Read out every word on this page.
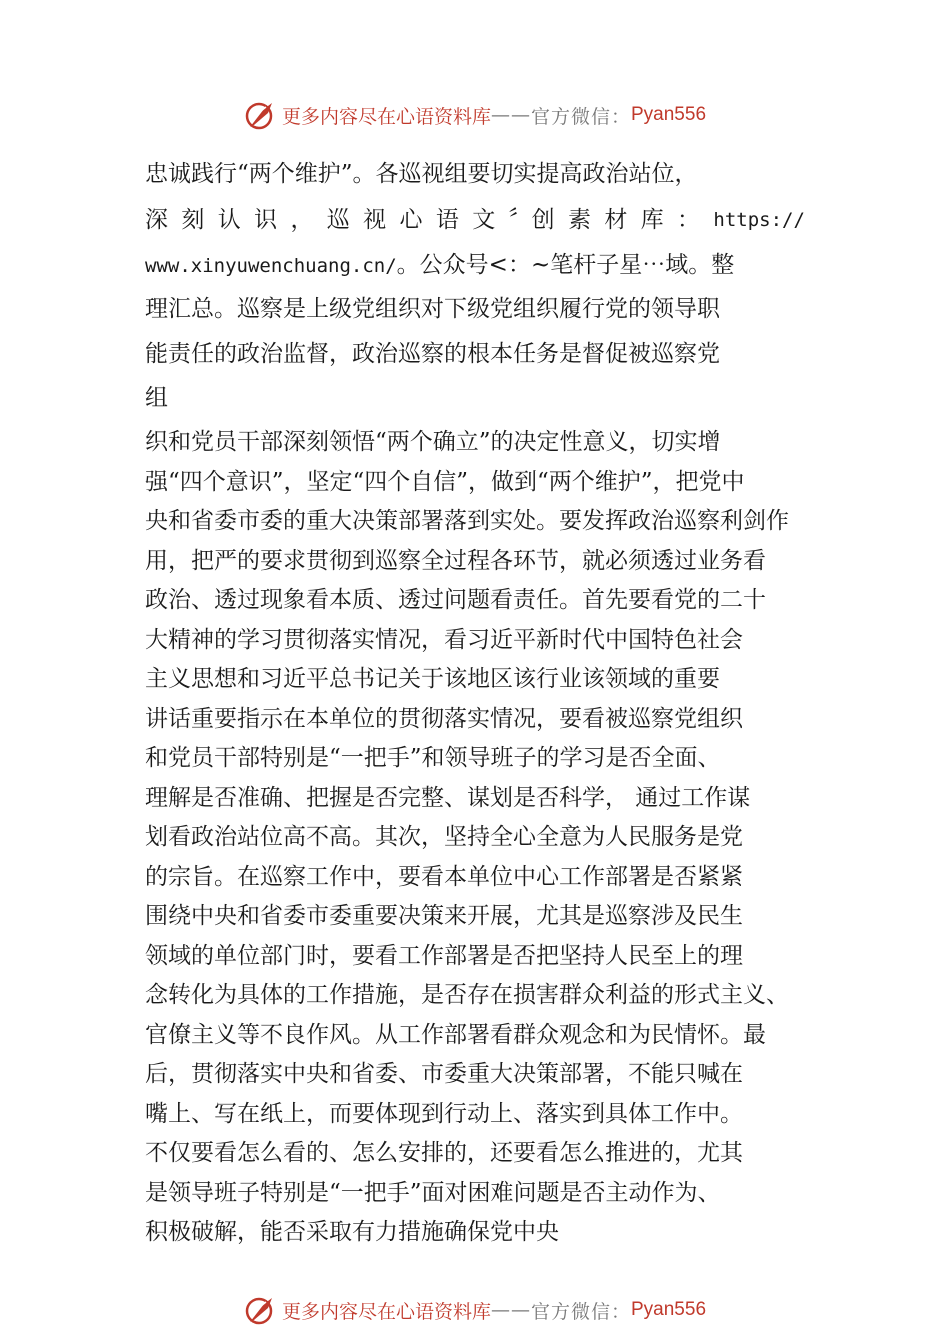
更多内容尽在心语资料库 —— 官方微信： Pyan556
忠诚践行“两个维护”。各巡视组要切实提高政治站位，
深 刻 认 识 ， 巡 视 心 语 文 〞创 素 材 库 ： https://
www.xinyuwenchuang.cn/。公众号<：~笔杆子星⋯域。整
理汇总。巡察是上级党组织对下级党组织履行党的领导职
能责任的政治监督，政治巡察的根本任务是督促被巡察党
组
织和党员干部深刻领悟“两个确立”的决定性意义，切实增
强“四个意识”，坚定“四个自信”，做到“两个维护”，把党中
央和省委市委的重大决策部署落到实处。要发挥政治巡察利剑作
用，把严的要求贯彻到巡察全过程各环节，就必须透过业务看
政治、透过现象看本质、透过问题看责任。首先要看党的二十
大精神的学习贯彻落实情况，看习近平新时代中国特色社会
主义思想和习近平总书记关于该地区该行业该领域的重要
讲话重要指示在本单位的贯彻落实情况，要看被巡察党组织
和党员干部特别是“一把手”和领导班子的学习是否全面、
理解是否准确、把握是否完整、谋划是否科学， 通过工作谋
划看政治站位高不高。其次，坚持全心全意为人民服务是党
的宗旨。在巡察工作中，要看本单位中心工作部署是否紧紧
围绕中央和省委市委重要决策来开展，尤其是巡察涉及民生
领域的单位部门时，要看工作部署是否把坚持人民至上的理
念转化为具体的工作措施，是否存在损害群众利益的形式主义、
官僚主义等不良作风。从工作部署看群众观念和为民情怀。最
后，贯彻落实中央和省委、市委重大决策部署，不能只喊在
嘴上、写在纸上，而要体现到行动上、落实到具体工作中。
不仅要看怎么看的、怎么安排的，还要看怎么推进的，尤其
是领导班子特别是“一把手”面对困难问题是否主动作为、
积极破解，能否采取有力措施确保党中央
更多内容尽在心语资料库 —— 官方微信： Pyan556
